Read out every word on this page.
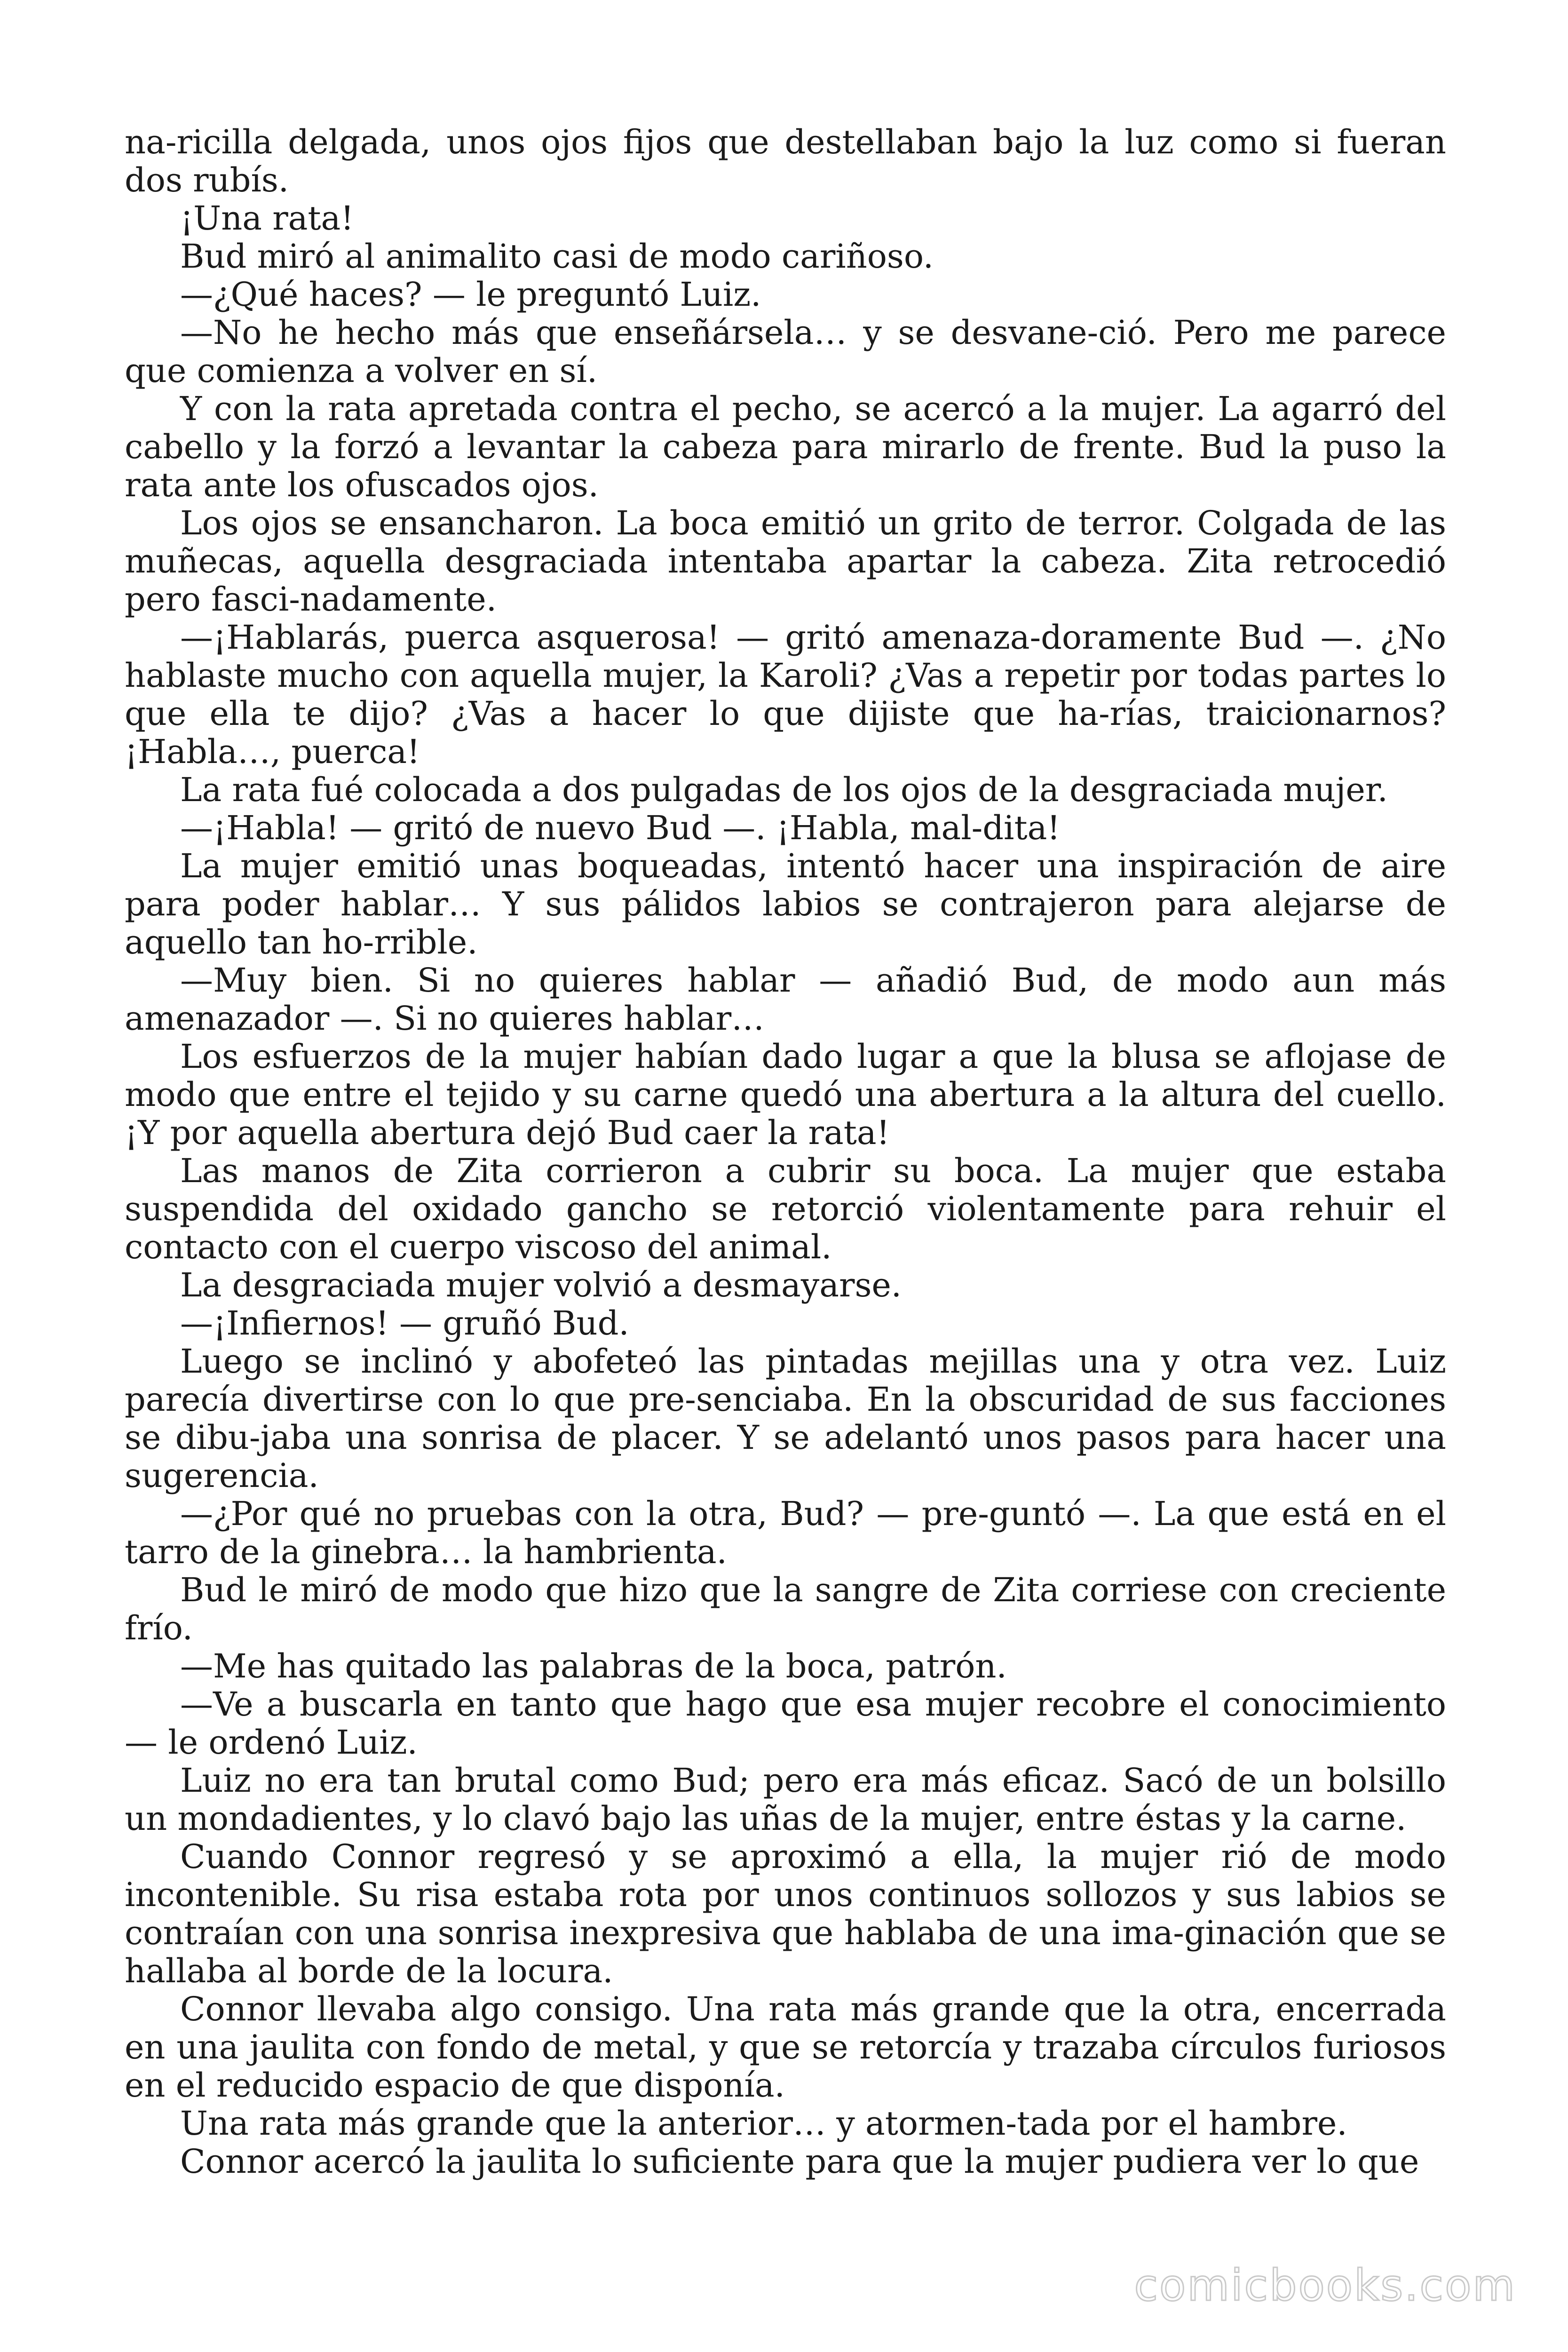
na-ricilla delgada, unos ojos fijos que destellaban bajo la luz como si fueran dos rubís.

¡Una rata!

Bud miró al animalito casi de modo cariñoso.

—¿Qué haces? — le preguntó Luiz.

—No he hecho más que enseñársela… y se desvane-ció. Pero me parece que comienza a volver en sí.

Y con la rata apretada contra el pecho, se acercó a la mujer. La agarró del cabello y la forzó a levantar la cabeza para mirarlo de frente. Bud la puso la rata ante los ofuscados ojos.

Los ojos se ensancharon. La boca emitió un grito de terror. Colgada de las muñecas, aquella desgraciada intentaba apartar la cabeza. Zita retrocedió pero fasci-nadamente.

—¡Hablarás, puerca asquerosa! — gritó amenaza-doramente Bud —. ¿No hablaste mucho con aquella mujer, la Karoli? ¿Vas a repetir por todas partes lo que ella te dijo? ¿Vas a hacer lo que dijiste que ha-rías, traicionarnos? ¡Habla…, puerca!

La rata fué colocada a dos pulgadas de los ojos de la desgraciada mujer.

—¡Habla! — gritó de nuevo Bud —. ¡Habla, mal-dita!

La mujer emitió unas boqueadas, intentó hacer una inspiración de aire para poder hablar… Y sus pálidos labios se contrajeron para alejarse de aquello tan ho-rrible.

—Muy bien. Si no quieres hablar — añadió Bud, de modo aun más amenazador —. Si no quieres hablar…

Los esfuerzos de la mujer habían dado lugar a que la blusa se aflojase de modo que entre el tejido y su carne quedó una abertura a la altura del cuello. ¡Y por aquella abertura dejó Bud caer la rata!

Las manos de Zita corrieron a cubrir su boca. La mujer que estaba suspendida del oxidado gancho se retorció violentamente para rehuir el contacto con el cuerpo viscoso del animal.

La desgraciada mujer volvió a desmayarse.

—¡Infiernos! — gruñó Bud.

Luego se inclinó y abofeteó las pintadas mejillas una y otra vez. Luiz parecía divertirse con lo que pre-senciaba. En la obscuridad de sus facciones se dibu-jaba una sonrisa de placer. Y se adelantó unos pasos para hacer una sugerencia.

—¿Por qué no pruebas con la otra, Bud? — pre-guntó —. La que está en el tarro de la ginebra… la hambrienta.

Bud le miró de modo que hizo que la sangre de Zita corriese con creciente frío.

—Me has quitado las palabras de la boca, patrón.

—Ve a buscarla en tanto que hago que esa mujer recobre el conocimiento — le ordenó Luiz.

Luiz no era tan brutal como Bud; pero era más eficaz. Sacó de un bolsillo un mondadientes, y lo clavó bajo las uñas de la mujer, entre éstas y la carne.

Cuando Connor regresó y se aproximó a ella, la mujer rió de modo incontenible. Su risa estaba rota por unos continuos sollozos y sus labios se contraían con una sonrisa inexpresiva que hablaba de una ima-ginación que se hallaba al borde de la locura.

Connor llevaba algo consigo. Una rata más grande que la otra, encerrada en una jaulita con fondo de metal, y que se retorcía y trazaba círculos furiosos en el reducido espacio de que disponía.

Una rata más grande que la anterior… y atormen-tada por el hambre.

Connor acercó la jaulita lo suficiente para que la mujer pudiera ver lo que

comicbooks.com
